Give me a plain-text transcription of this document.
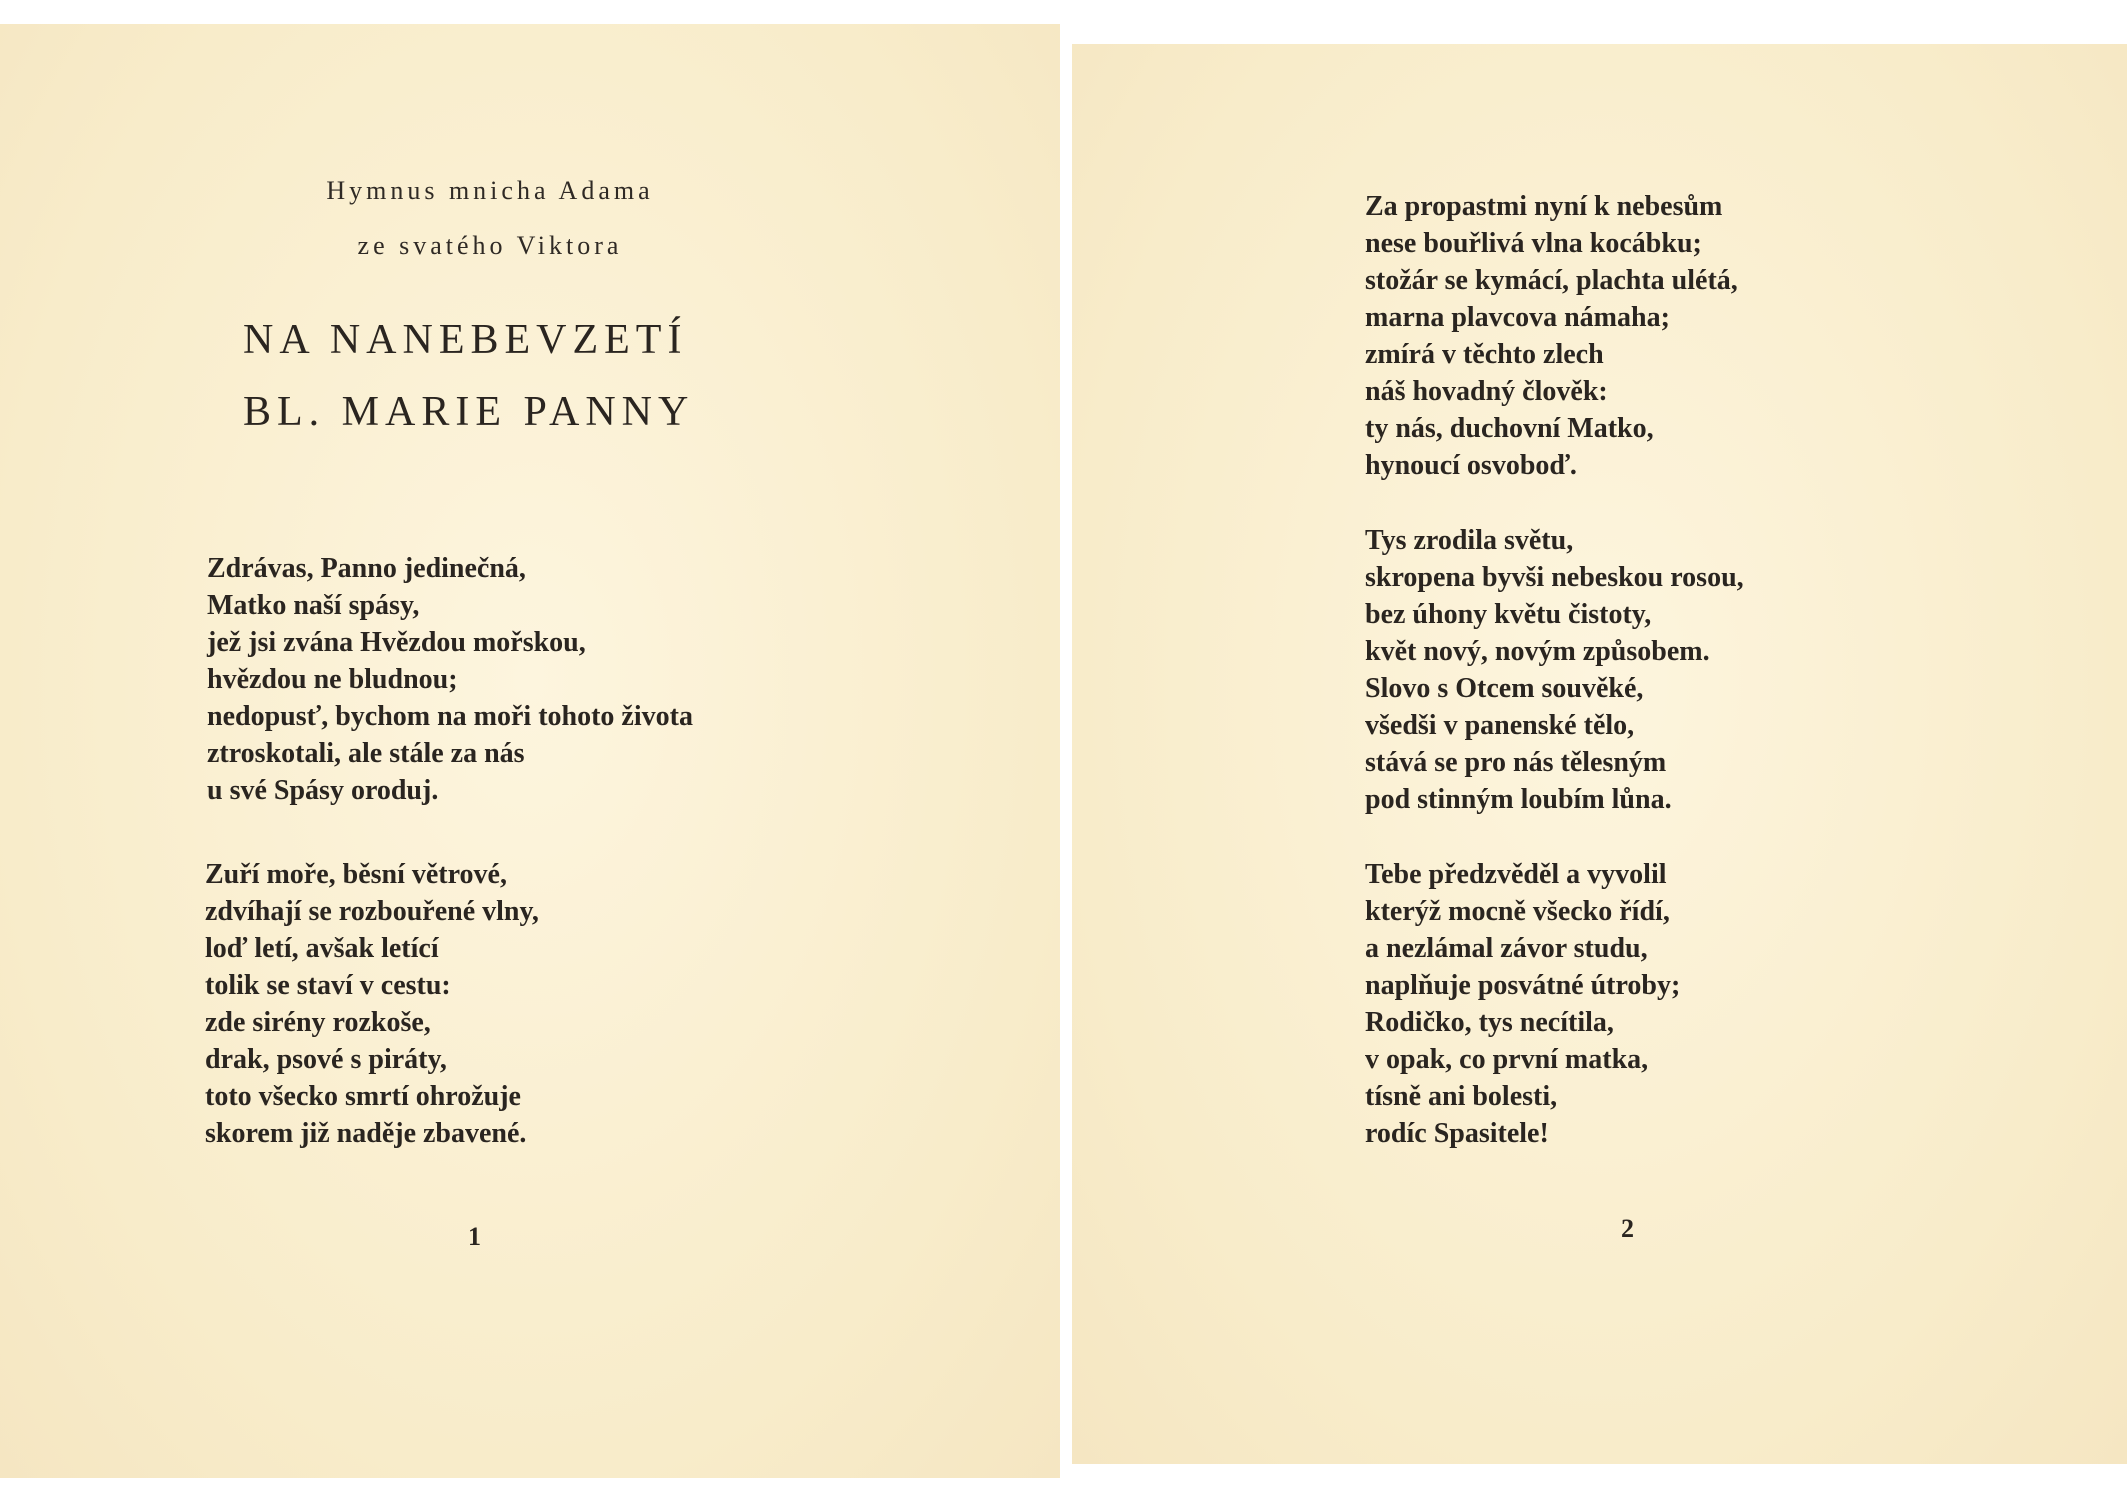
Hymnus mnicha Adama
ze svatého Viktora
NA NANEBEVZETÍ
BL. MARIE PANNY
Zdrávas, Panno jedinečná,
Matko naší spásy,
jež jsi zvána Hvězdou mořskou,
hvězdou ne bludnou;
nedopusť, bychom na moři tohoto života
ztroskotali, ale stále za nás
u své Spásy oroduj.
Zuří moře, běsní větrové,
zdvíhají se rozbouřené vlny,
loď letí, avšak letící
tolik se staví v cestu:
zde sirény rozkoše,
drak, psové s piráty,
toto všecko smrtí ohrožuje
skorem již naděje zbavené.
1
Za propastmi nyní k nebesům
nese bouřlivá vlna kocábku;
stožár se kymácí, plachta ulétá,
marna plavcova námaha;
zmírá v těchto zlech
náš hovadný člověk:
ty nás, duchovní Matko,
hynoucí osvoboď.
Tys zrodila světu,
skropena byvši nebeskou rosou,
bez úhony květu čistoty,
květ nový, novým způsobem.
Slovo s Otcem souvěké,
všedši v panenské tělo,
stává se pro nás tělesným
pod stinným loubím lůna.
Tebe předzvěděl a vyvolil
kterýž mocně všecko řídí,
a nezlámal závor studu,
naplňuje posvátné útroby;
Rodičko, tys necítila,
v opak, co první matka,
tísně ani bolesti,
rodíc Spasitele!
2
